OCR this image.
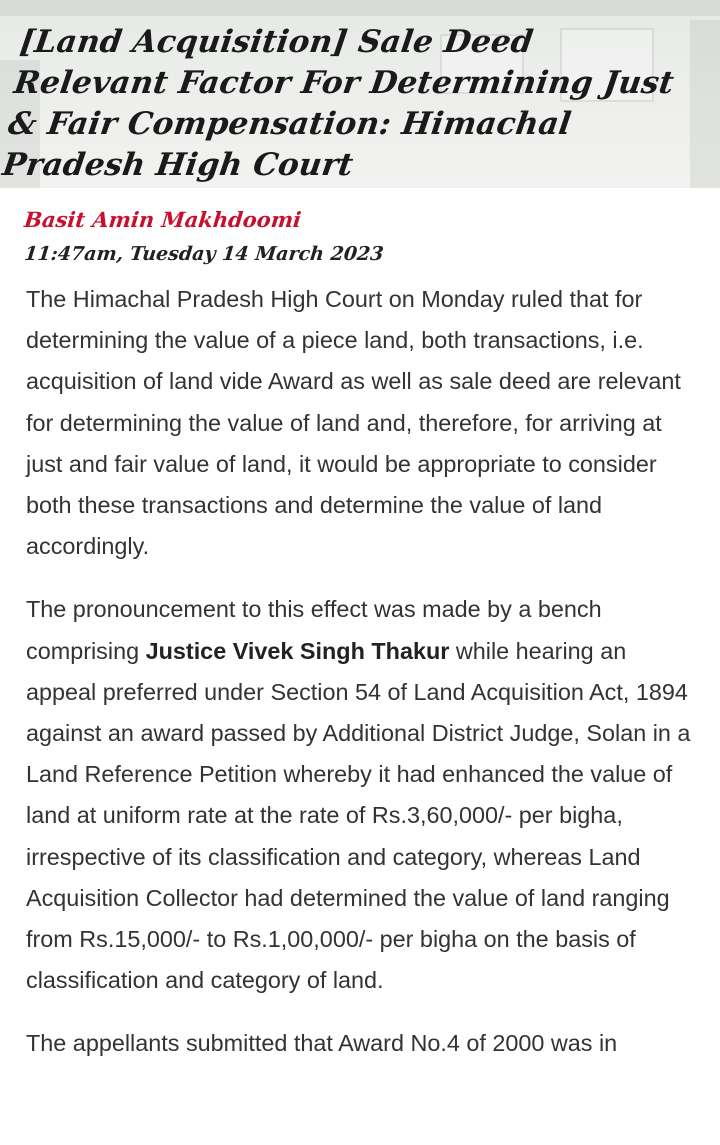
[Land Acquisition] Sale Deed Relevant Factor For Determining Just & Fair Compensation: Himachal Pradesh High Court
Basit Amin Makhdoomi
11:47am, Tuesday 14 March 2023

The Himachal Pradesh High Court on Monday ruled that for determining the value of a piece land, both transactions, i.e. acquisition of land vide Award as well as sale deed are relevant for determining the value of land and, therefore, for arriving at just and fair value of land, it would be appropriate to consider both these transactions and determine the value of land accordingly.

The pronouncement to this effect was made by a bench comprising Justice Vivek Singh Thakur while hearing an appeal preferred under Section 54 of Land Acquisition Act, 1894 against an award passed by Additional District Judge, Solan in a Land Reference Petition whereby it had enhanced the value of land at uniform rate at the rate of Rs.3,60,000/- per bigha, irrespective of its classification and category, whereas Land Acquisition Collector had determined the value of land ranging from Rs.15,000/- to Rs.1,00,000/- per bigha on the basis of classification and category of land.

The appellants submitted that Award No.4 of 2000 was in
